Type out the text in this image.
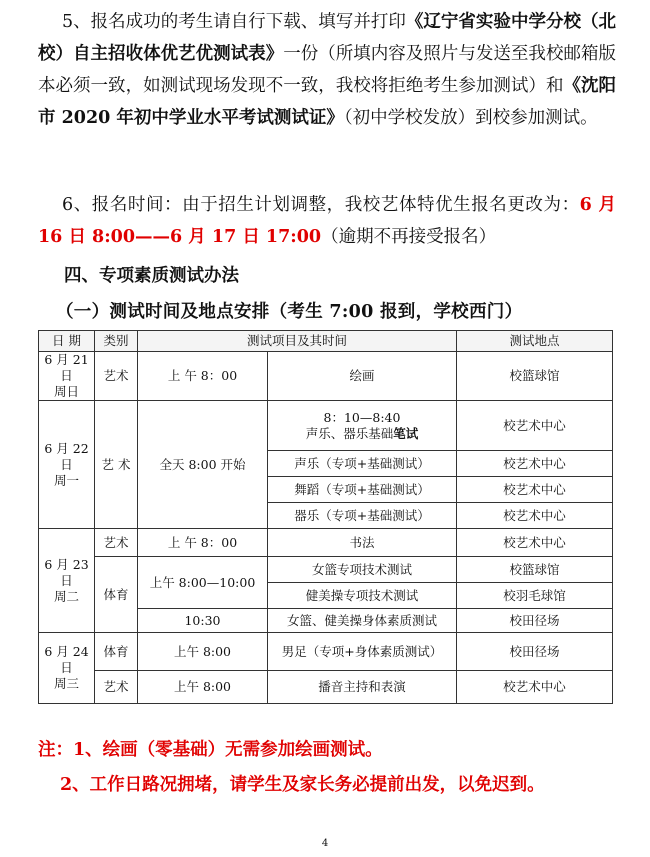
5、报名成功的考生请自行下载、填写并打印《辽宁省实验中学分校（北校）自主招收体优艺优测试表》一份（所填内容及照片与发送至我校邮箱版本必须一致，如测试现场发现不一致，我校将拒绝考生参加测试）和《沈阳市 2020 年初中学业水平考试测试证》（初中学校发放）到校参加测试。

6、报名时间：由于招生计划调整，我校艺体特优生报名更改为：6 月 16 日 8:00——6 月 17 日 17:00（逾期不再接受报名）

四、专项素质测试办法

（一）测试时间及地点安排（考生 7:00 报到，学校西门）

日 期	类别	测试项目及其时间		测试地点
6 月 21 日
周日	艺术	上 午 8：00	绘画	校篮球馆
6 月 22 日
周一	艺 术	全天 8:00 开始	8：10—8:40
声乐、器乐基础笔试	校艺术中心
			声乐（专项+基础测试）	校艺术中心
			舞蹈（专项+基础测试）	校艺术中心
			器乐（专项+基础测试）	校艺术中心
6 月 23 日
周二	艺术	上 午 8：00	书法	校艺术中心
	体育	上午 8:00—10:00	女篮专项技术测试	校篮球馆
			健美操专项技术测试	校羽毛球馆
		10:30	女篮、健美操身体素质测试	校田径场
6 月 24 日
周三	体育	上午 8:00	男足（专项+身体素质测试）	校田径场
	艺术	上午 8:00	播音主持和表演	校艺术中心

注：1、绘画（零基础）无需参加绘画测试。

2、工作日路况拥堵，请学生及家长务必提前出发，以免迟到。

4
